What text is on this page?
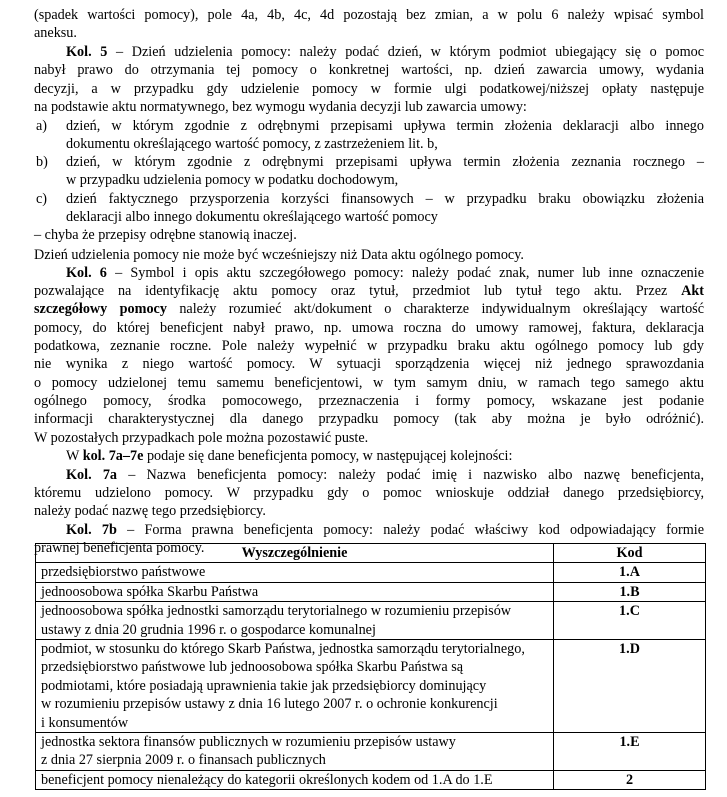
(spadek wartości pomocy), pole 4a, 4b, 4c, 4d pozostają bez zmian, a w polu 6 należy wpisać symbol
aneksu.
Kol. 5 – Dzień udzielenia pomocy: należy podać dzień, w którym podmiot ubiegający się o pomoc
nabył prawo do otrzymania tej pomocy o konkretnej wartości, np. dzień zawarcia umowy, wydania
decyzji, a w przypadku gdy udzielenie pomocy w formie ulgi podatkowej/niższej opłaty następuje
na podstawie aktu normatywnego, bez wymogu wydania decyzji lub zawarcia umowy:
a) dzień, w którym zgodnie z odrębnymi przepisami upływa termin złożenia deklaracji albo innego
dokumentu określającego wartość pomocy, z zastrzeżeniem lit. b,
b) dzień, w którym zgodnie z odrębnymi przepisami upływa termin złożenia zeznania rocznego –
w przypadku udzielenia pomocy w podatku dochodowym,
c) dzień faktycznego przysporzenia korzyści finansowych – w przypadku braku obowiązku złożenia
deklaracji albo innego dokumentu określającego wartość pomocy
– chyba że przepisy odrębne stanowią inaczej.
Dzień udzielenia pomocy nie może być wcześniejszy niż Data aktu ogólnego pomocy.
Kol. 6 – Symbol i opis aktu szczegółowego pomocy: należy podać znak, numer lub inne oznaczenie
pozwalające na identyfikację aktu pomocy oraz tytuł, przedmiot lub tytuł tego aktu. Przez Akt
szczegółowy pomocy należy rozumieć akt/dokument o charakterze indywidualnym określający wartość
pomocy, do której beneficjent nabył prawo, np. umowa roczna do umowy ramowej, faktura, deklaracja
podatkowa, zeznanie roczne. Pole należy wypełnić w przypadku braku aktu ogólnego pomocy lub gdy
nie wynika z niego wartość pomocy. W sytuacji sporządzenia więcej niż jednego sprawozdania
o pomocy udzielonej temu samemu beneficjentowi, w tym samym dniu, w ramach tego samego aktu
ogólnego pomocy, środka pomocowego, przeznaczenia i formy pomocy, wskazane jest podanie
informacji charakterystycznej dla danego przypadku pomocy (tak aby można je było odróżnić).
W pozostałych przypadkach pole można pozostawić puste.
W kol. 7a–7e podaje się dane beneficjenta pomocy, w następującej kolejności:
Kol. 7a – Nazwa beneficjenta pomocy: należy podać imię i nazwisko albo nazwę beneficjenta,
któremu udzielono pomocy. W przypadku gdy o pomoc wnioskuje oddział danego przedsiębiorcy,
należy podać nazwę tego przedsiębiorcy.
Kol. 7b – Forma prawna beneficjenta pomocy: należy podać właściwy kod odpowiadający formie
prawnej beneficjenta pomocy.	Wyszczególnienie	Kod

przedsiębiorstwo państwowe	1.A

jednoosobowa spółka Skarbu Państwa	1.B

jednoosobowa spółka jednostki samorządu terytorialnego w rozumieniu przepisów
ustawy z dnia 20 grudnia 1996 r. o gospodarce komunalnej	1.C

podmiot, w stosunku do którego Skarb Państwa, jednostka samorządu terytorialnego,
przedsiębiorstwo państwowe lub jednoosobowa spółka Skarbu Państwa są
podmiotami, które posiadają uprawnienia takie jak przedsiębiorcy dominujący
w rozumieniu przepisów ustawy z dnia 16 lutego 2007 r. o ochronie konkurencji
i konsumentów	1.D

jednostka sektora finansów publicznych w rozumieniu przepisów ustawy
z dnia 27 sierpnia 2009 r. o finansach publicznych	1.E

beneficjent pomocy nienależący do kategorii określonych kodem od 1.A do 1.E	2
